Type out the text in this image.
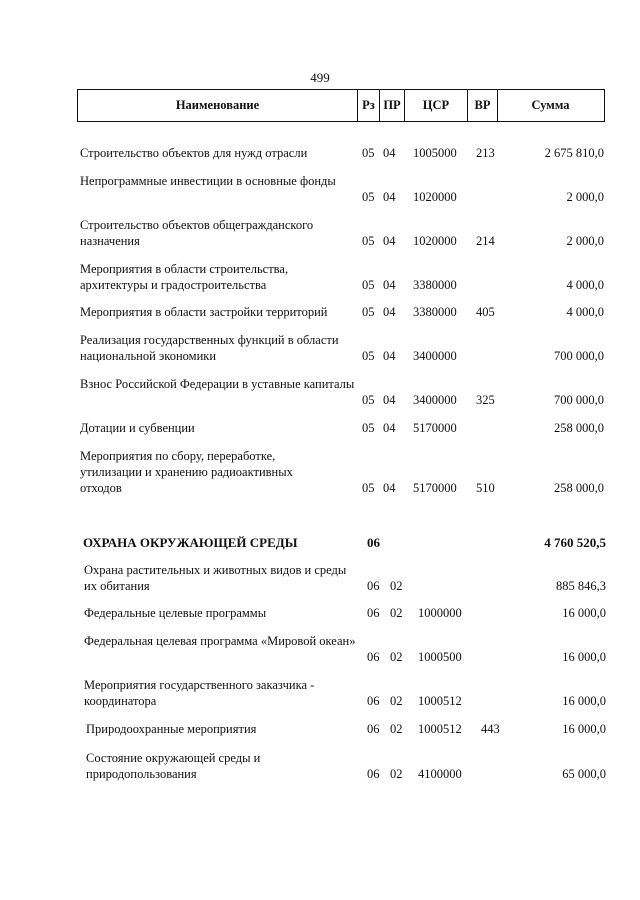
499
Наименование	Рз ПР	ЦСР	ВР	Сумма
Строительство объектов для нужд отрасли	05 04 1005000 213	2 675 810,0
Непрограммные инвестиции в основные фонды
05 04 1020000	2 000,0
Строительство объектов общегражданского назначения	05 04 1020000 214	2 000,0
Мероприятия в области строительства, архитектуры и градостроительства	05 04 3380000	4 000,0
Мероприятия в области застройки территорий	05 04 3380000 405	4 000,0
Реализация государственных функций в области национальной экономики	05 04 3400000	700 000,0
Взнос Российской Федерации в уставные капиталы
05 04 3400000 325	700 000,0
Дотации и субвенции	05 04 5170000	258 000,0
Мероприятия по сбору, переработке, утилизации и хранению радиоактивных отходов	05 04 5170000 510	258 000,0
ОХРАНА ОКРУЖАЮЩЕЙ СРЕДЫ	06	4 760 520,5
Охрана растительных и животных видов и среды их обитания	06 02	885 846,3
Федеральные целевые программы	06 02 1000000	16 000,0
Федеральная целевая программа «Мировой океан»
06 02 1000500	16 000,0
Мероприятия государственного заказчика - координатора	06 02 1000512	16 000,0
Природоохранные мероприятия	06 02 1000512 443	16 000,0
Состояние окружающей среды и природопользования	06 02 4100000	65 000,0
